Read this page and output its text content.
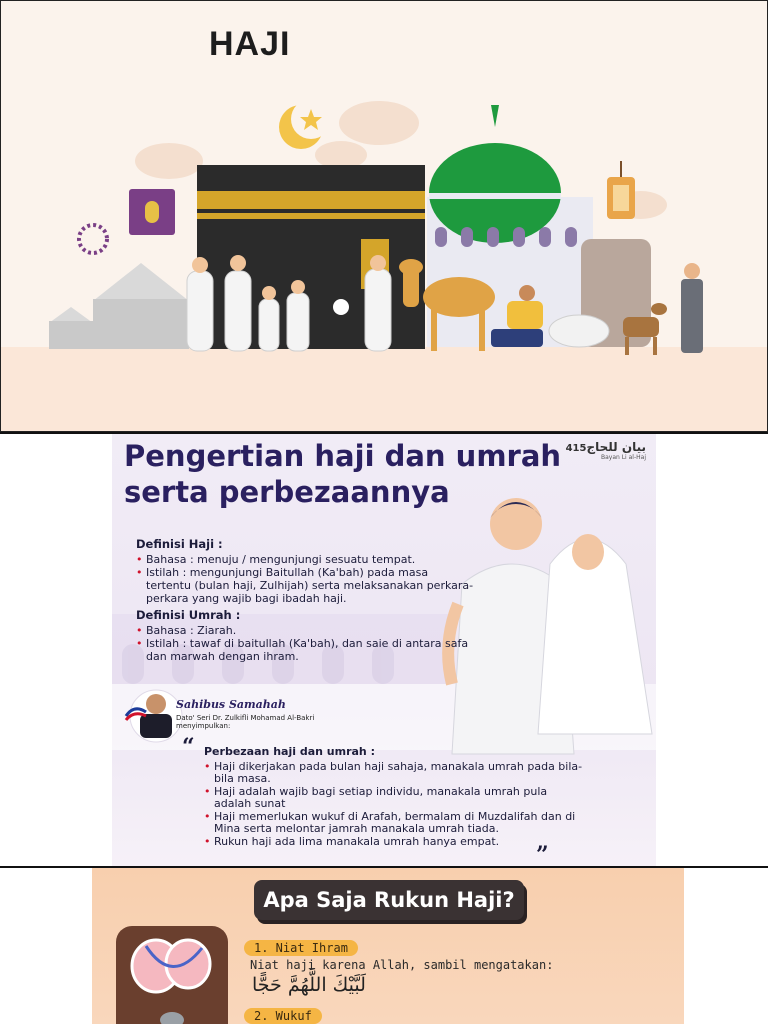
HAJI
Pengertian haji dan umrah serta perbezaannya
بيان للحاج415
Bayan Li al-Haj
Definisi Haji :
• Bahasa : menuju / mengunjungi sesuatu tempat.
• Istilah : mengunjungi Baitullah (Ka'bah) pada masa tertentu (bulan haji, Zulhijah) serta melaksanakan perkara-perkara yang wajib bagi ibadah haji.
Definisi Umrah :
• Bahasa : Ziarah.
• Istilah : tawaf di baitullah (Ka'bah), dan saie di antara safa dan marwah dengan ihram.
Sahibus Samahah
Dato' Seri Dr. Zulkifli Mohamad Al-Bakri menyimpulkan:
“ Perbezaan haji dan umrah :
• Haji dikerjakan pada bulan haji sahaja, manakala umrah pada bila-bila masa.
• Haji adalah wajib bagi setiap individu, manakala umrah pula adalah sunat
• Haji memerlukan wukuf di Arafah, bermalam di Muzdalifah dan di Mina serta melontar jamrah manakala umrah tiada.
• Rukun haji ada lima manakala umrah hanya empat.
”
Apa Saja Rukun Haji?
1. Niat Ihram
Niat haji karena Allah, sambil mengatakan:
لَبَّيْكَ اللَّهُمَّ حَجًّا
2. Wukuf
